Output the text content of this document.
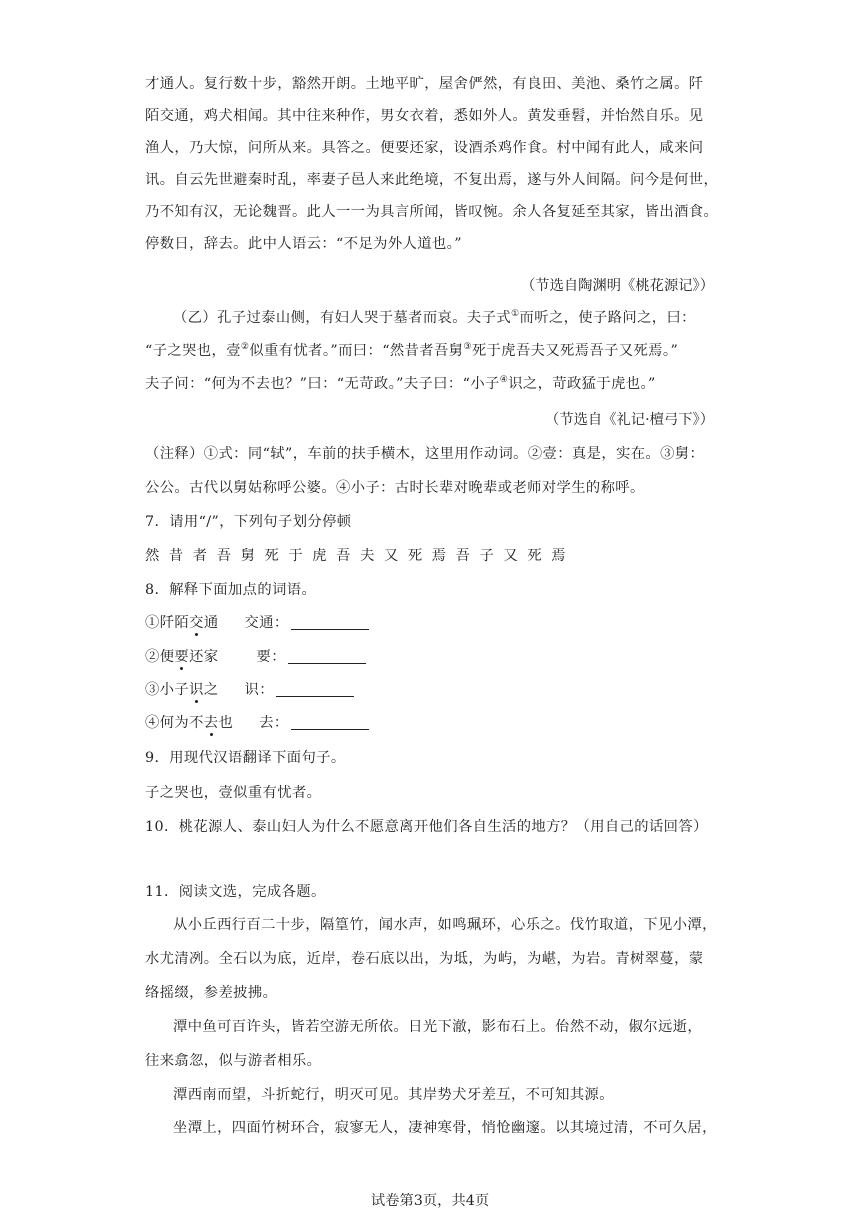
才通人。复行数十步，豁然开朗。土地平旷，屋舍俨然，有良田、美池、桑竹之属。阡
陌交通，鸡犬相闻。其中往来种作，男女衣着，悉如外人。黄发垂髫，并怡然自乐。见
渔人，乃大惊，问所从来。具答之。便要还家，设酒杀鸡作食。村中闻有此人，咸来问
讯。自云先世避秦时乱，率妻子邑人来此绝境，不复出焉，遂与外人间隔。问今是何世，
乃不知有汉，无论魏晋。此人一一为具言所闻，皆叹惋。余人各复延至其家，皆出酒食。
停数日，辞去。此中人语云：“不足为外人道也。”
（节选自陶渊明《桃花源记》）
（乙）孔子过泰山侧，有妇人哭于墓者而哀。夫子式①而听之，使子路问之，曰：
“子之哭也，壹②似重有忧者。”而曰：“然昔者吾舅③死于虎吾夫又死焉吾子又死焉。”
夫子问：“何为不去也？”曰：“无苛政。”夫子曰：“小子④识之，苛政猛于虎也。”
（节选自《礼记·檀弓下》）
（注释）①式：同“轼”，车前的扶手横木，这里用作动词。②壹：真是，实在。③舅：
公公。古代以舅姑称呼公婆。④小子：古时长辈对晚辈或老师对学生的称呼。
7．请用“/”，下列句子划分停顿
然昔者吾舅死于虎吾夫又死焉吾子又死焉
8．解释下面加点的词语。
①阡陌交通 交通：
②便要还家	要：
③小子识之 识：
④何为不去也 去：
9．用现代汉语翻译下面句子。
子之哭也，壹似重有忧者。
10．桃花源人、泰山妇人为什么不愿意离开他们各自生活的地方？（用自己的话回答）
11．阅读文选，完成各题。
从小丘西行百二十步，隔篁竹，闻水声，如鸣珮环，心乐之。伐竹取道，下见小潭，
水尤清冽。全石以为底，近岸，卷石底以出，为坻，为屿，为嵁，为岩。青树翠蔓，蒙
络摇缀，参差披拂。
潭中鱼可百许头，皆若空游无所依。日光下澈，影布石上。佁然不动，俶尔远逝，
往来翕忽，似与游者相乐。
潭西南而望，斗折蛇行，明灭可见。其岸势犬牙差互，不可知其源。
坐潭上，四面竹树环合，寂寥无人，凄神寒骨，悄怆幽邃。以其境过清，不可久居，
试卷第3页，共4页
